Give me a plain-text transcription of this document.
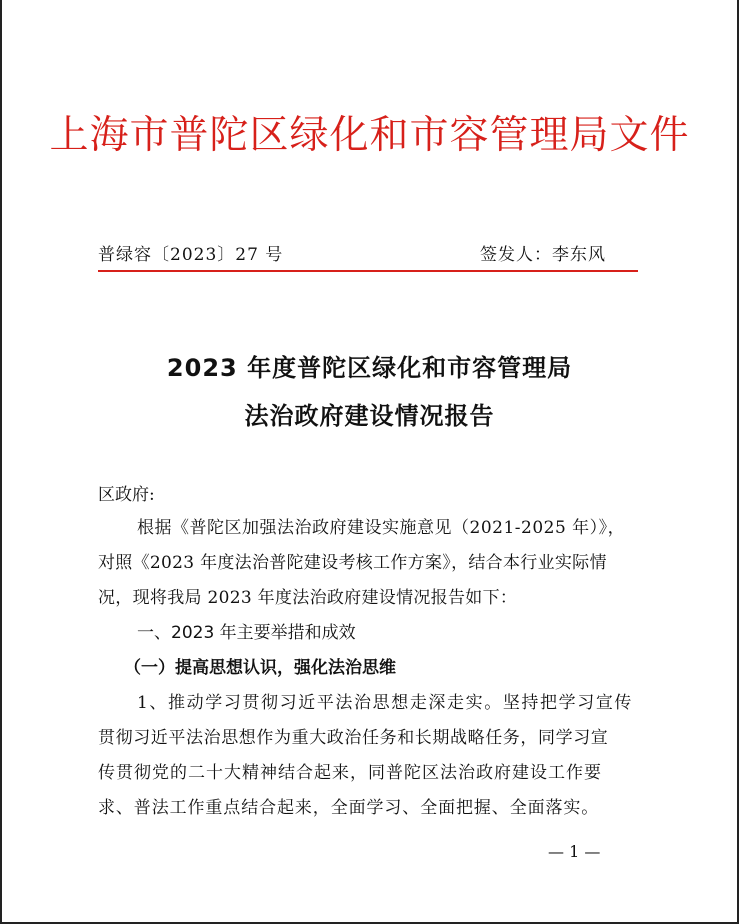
上海市普陀区绿化和市容管理局文件
普绿容〔2023〕27 号	签发人：李东风
2023 年度普陀区绿化和市容管理局
法治政府建设情况报告
区政府:
根据《普陀区加强法治政府建设实施意见（2021-2025 年）》，
对照《2023 年度法治普陀建设考核工作方案》，结合本行业实际情
况，现将我局 2023 年度法治政府建设情况报告如下：
一、2023 年主要举措和成效
（一）提高思想认识，强化法治思维
1、推动学习贯彻习近平法治思想走深走实。坚持把学习宣传
贯彻习近平法治思想作为重大政治任务和长期战略任务，同学习宣
传贯彻党的二十大精神结合起来，同普陀区法治政府建设工作要
求、普法工作重点结合起来，全面学习、全面把握、全面落实。
— 1 —
